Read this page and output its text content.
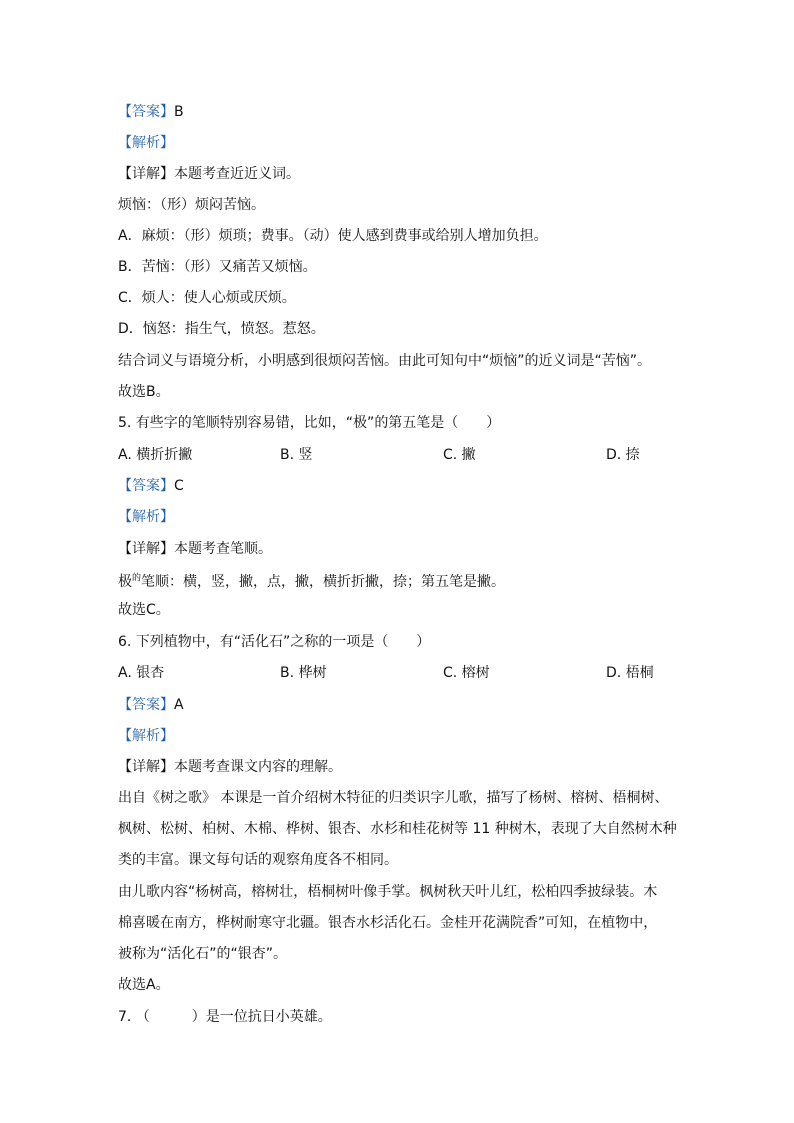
【答案】B
【解析】
【详解】本题考查近近义词。
烦恼：（形）烦闷苦恼。
A．麻烦：（形）烦琐；费事。（动）使人感到费事或给别人增加负担。
B．苦恼：（形）又痛苦又烦恼。
C．烦人：使人心烦或厌烦。
D．恼怒：指生气，愤怒。惹怒。
结合词义与语境分析，小明感到很烦闷苦恼。由此可知句中“烦恼”的近义词是“苦恼”。
故选B。
5. 有些字的笔顺特别容易错，比如，“极”的第五笔是（　　）
A. 横折折撇	B. 竖	C. 撇	D. 捺
【答案】C
【解析】
【详解】本题考查笔顺。
极$^的$笔顺：横，竖，撇，点，撇，横折折撇，捺；第五笔是撇。
故选C。
6. 下列植物中，有“活化石”之称的一项是（　　）
A. 银杏	B. 桦树	C. 榕树	D. 梧桐
【答案】A
【解析】
【详解】本题考查课文内容的理解。
出自《树之歌》 本课是一首介绍树木特征的归类识字儿歌，描写了杨树、榕树、梧桐树、
枫树、松树、柏树、木棉、桦树、银杏、水杉和桂花树等 11 种树木，表现了大自然树木种
类的丰富。课文每句话的观察角度各不相同。
由儿歌内容“杨树高，榕树壮，梧桐树叶像手掌。枫树秋天叶儿红，松柏四季披绿装。木
棉喜暖在南方，桦树耐寒守北疆。银杏水杉活化石。金桂开花满院香”可知，在植物中，
被称为“活化石”的“银杏”。
故选A。
7. （　　　）是一位抗日小英雄。
